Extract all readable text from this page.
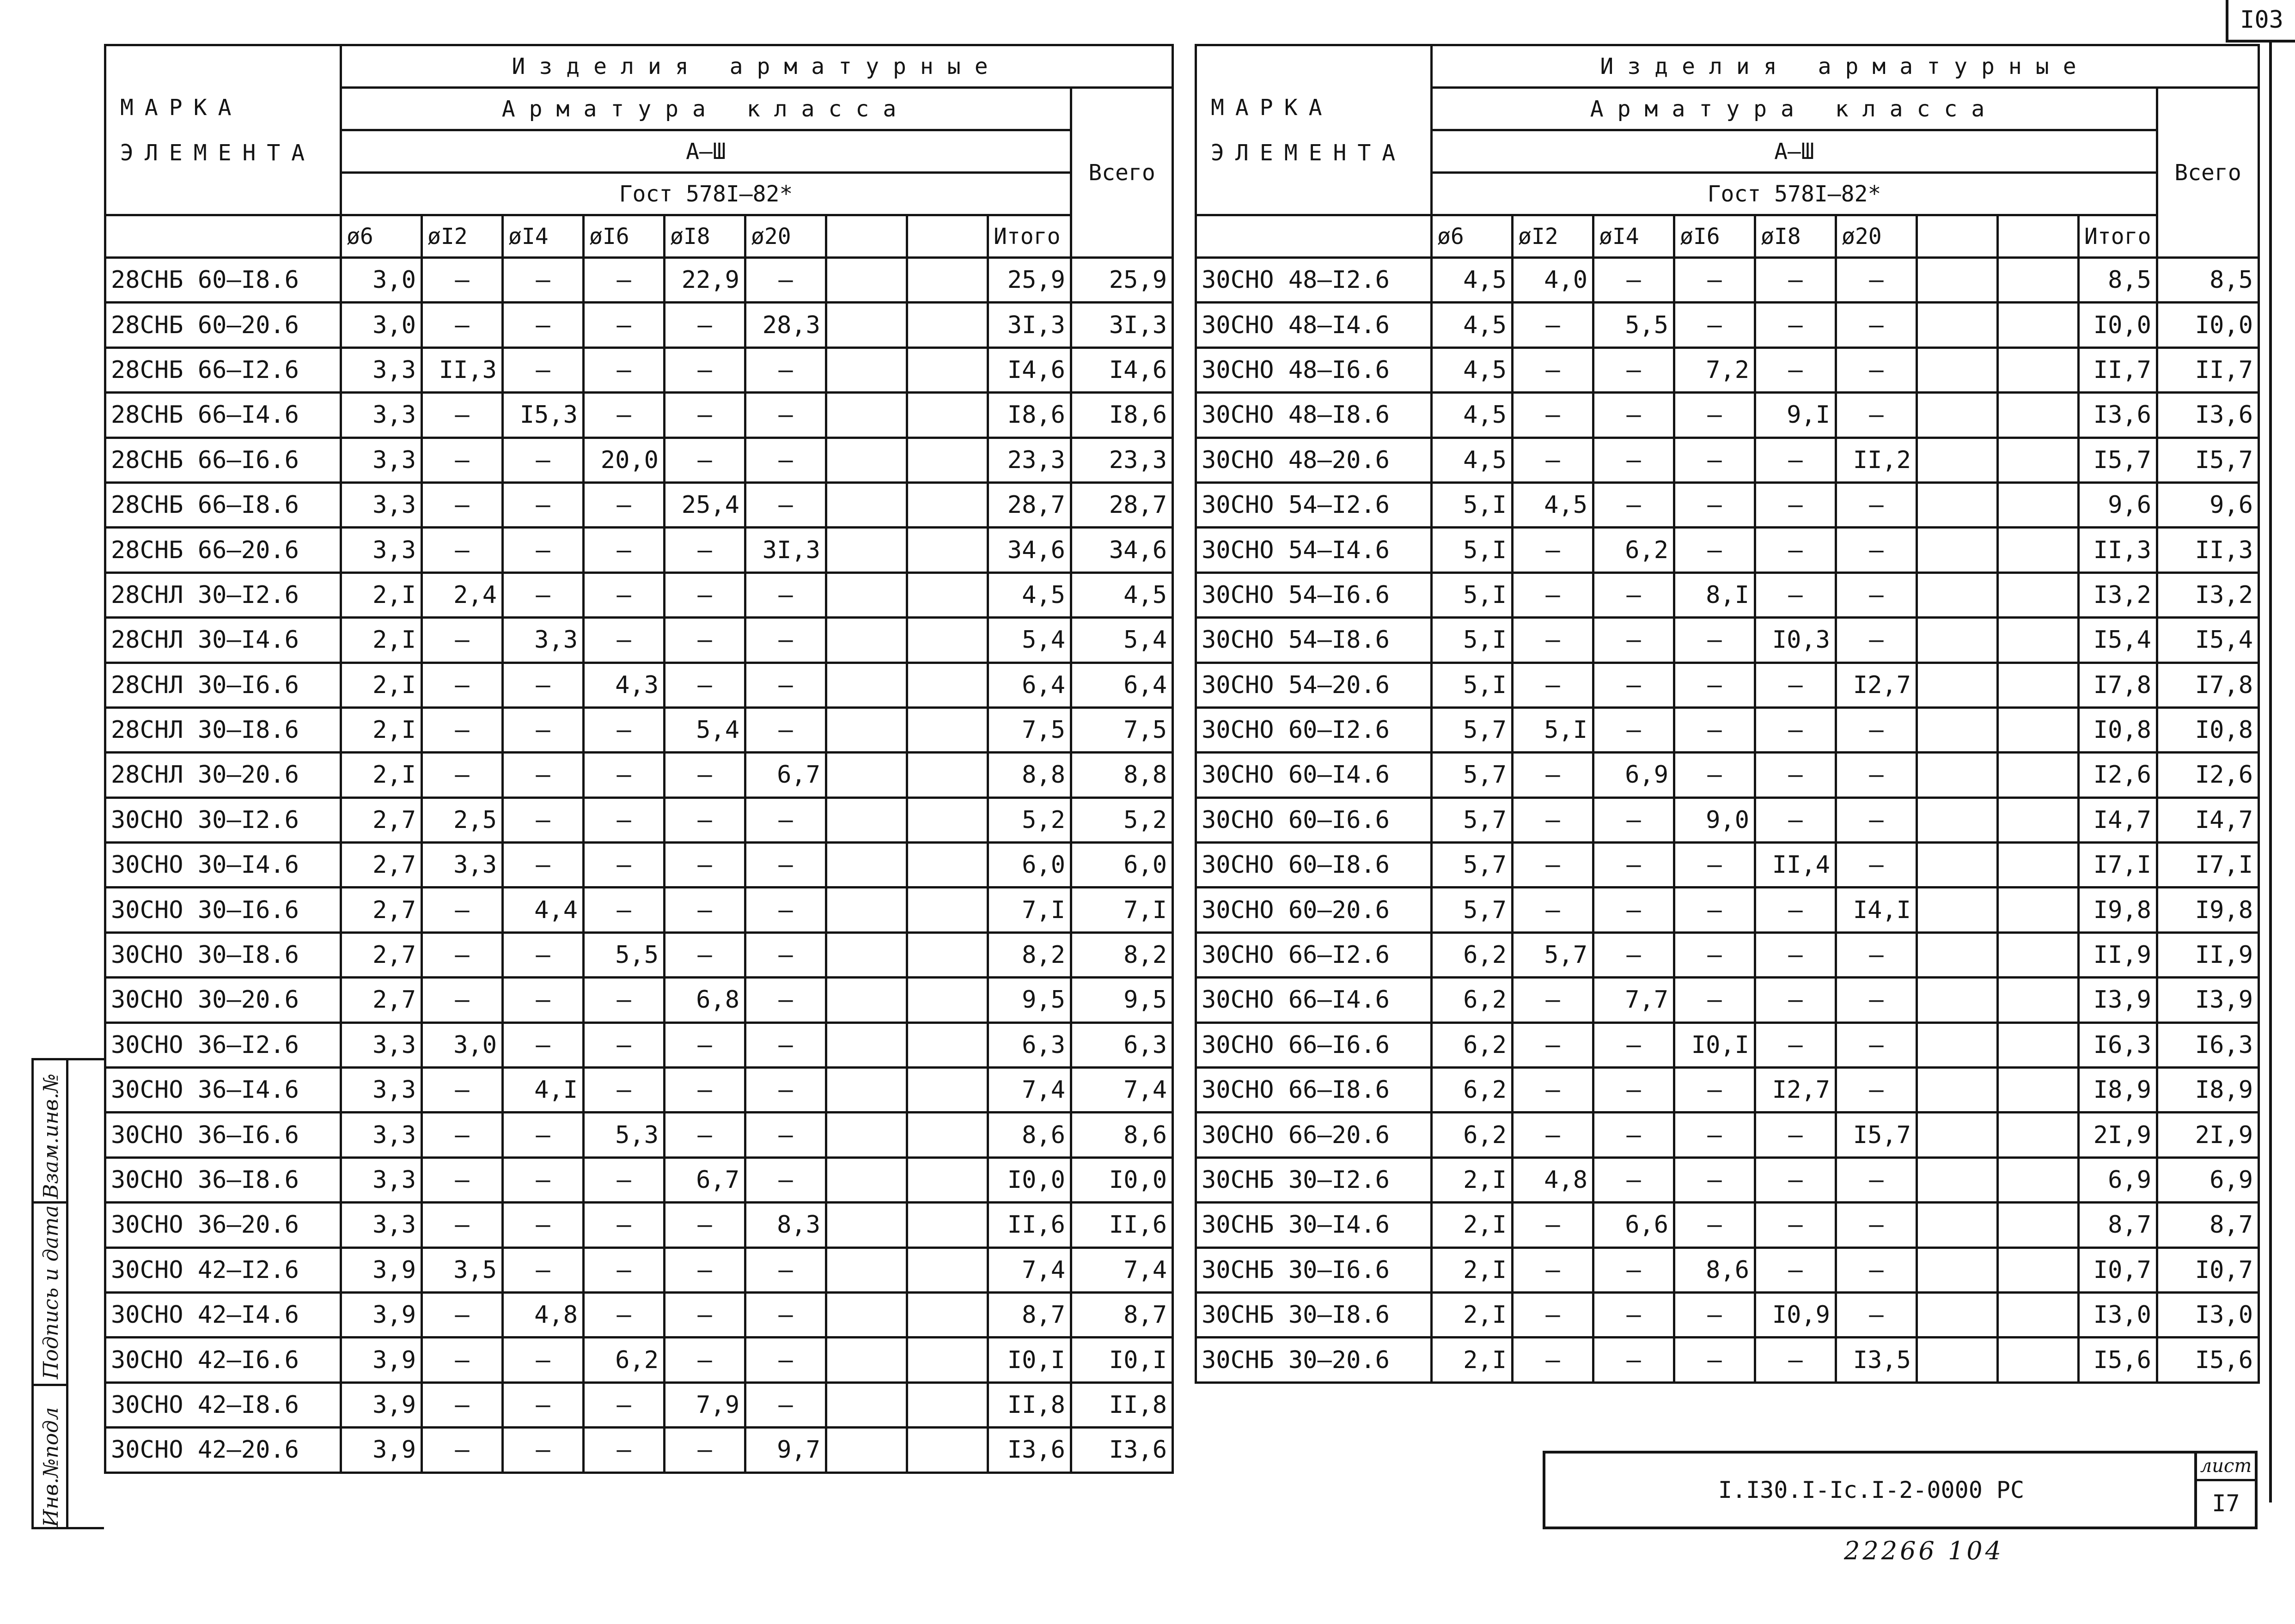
I03
МАРКА
ЭЛЕМЕНТА	Изделия арматурные									
	Арматура класса									Всего
	A–Ш									
	Гост 578I–82*									
	ø6	øI2	øI4	øI6	øI8	ø20			Итого	
28СНБ 60–I8.6	3,0	–	–	–	22,9	–			25,9	25,9
28СНБ 60–20.6	3,0	–	–	–	–	28,3			3I,3	3I,3
28СНБ 66–I2.6	3,3	II,3	–	–	–	–			I4,6	I4,6
28СНБ 66–I4.6	3,3	–	I5,3	–	–	–			I8,6	I8,6
28СНБ 66–I6.6	3,3	–	–	20,0	–	–			23,3	23,3
28СНБ 66–I8.6	3,3	–	–	–	25,4	–			28,7	28,7
28СНБ 66–20.6	3,3	–	–	–	–	3I,3			34,6	34,6
28СНЛ 30–I2.6	2,I	2,4	–	–	–	–			4,5	4,5
28СНЛ 30–I4.6	2,I	–	3,3	–	–	–			5,4	5,4
28СНЛ 30–I6.6	2,I	–	–	4,3	–	–			6,4	6,4
28СНЛ 30–I8.6	2,I	–	–	–	5,4	–			7,5	7,5
28СНЛ 30–20.6	2,I	–	–	–	–	6,7			8,8	8,8
30СНО 30–I2.6	2,7	2,5	–	–	–	–			5,2	5,2
30СНО 30–I4.6	2,7	3,3	–	–	–	–			6,0	6,0
30СНО 30–I6.6	2,7	–	4,4	–	–	–			7,I	7,I
30СНО 30–I8.6	2,7	–	–	5,5	–	–			8,2	8,2
30СНО 30–20.6	2,7	–	–	–	6,8	–			9,5	9,5
30СНО 36–I2.6	3,3	3,0	–	–	–	–			6,3	6,3
30СНО 36–I4.6	3,3	–	4,I	–	–	–			7,4	7,4
30СНО 36–I6.6	3,3	–	–	5,3	–	–			8,6	8,6
30СНО 36–I8.6	3,3	–	–	–	6,7	–			I0,0	I0,0
30СНО 36–20.6	3,3	–	–	–	–	8,3			II,6	II,6
30СНО 42–I2.6	3,9	3,5	–	–	–	–			7,4	7,4
30СНО 42–I4.6	3,9	–	4,8	–	–	–			8,7	8,7
30СНО 42–I6.6	3,9	–	–	6,2	–	–			I0,I	I0,I
30СНО 42–I8.6	3,9	–	–	–	7,9	–			II,8	II,8
30СНО 42–20.6	3,9	–	–	–	–	9,7			I3,6	I3,6
МАРКА
ЭЛЕМЕНТА	Изделия арматурные									
	Арматура класса									Всего
	A–Ш									
	Гост 578I–82*									
	ø6	øI2	øI4	øI6	øI8	ø20			Итого	
30СНО 48–I2.6	4,5	4,0	–	–	–	–			8,5	8,5
30СНО 48–I4.6	4,5	–	5,5	–	–	–			I0,0	I0,0
30СНО 48–I6.6	4,5	–	–	7,2	–	–			II,7	II,7
30СНО 48–I8.6	4,5	–	–	–	9,I	–			I3,6	I3,6
30СНО 48–20.6	4,5	–	–	–	–	II,2			I5,7	I5,7
30СНО 54–I2.6	5,I	4,5	–	–	–	–			9,6	9,6
30СНО 54–I4.6	5,I	–	6,2	–	–	–			II,3	II,3
30СНО 54–I6.6	5,I	–	–	8,I	–	–			I3,2	I3,2
30СНО 54–I8.6	5,I	–	–	–	I0,3	–			I5,4	I5,4
30СНО 54–20.6	5,I	–	–	–	–	I2,7			I7,8	I7,8
30СНО 60–I2.6	5,7	5,I	–	–	–	–			I0,8	I0,8
30СНО 60–I4.6	5,7	–	6,9	–	–	–			I2,6	I2,6
30СНО 60–I6.6	5,7	–	–	9,0	–	–			I4,7	I4,7
30СНО 60–I8.6	5,7	–	–	–	II,4	–			I7,I	I7,I
30СНО 60–20.6	5,7	–	–	–	–	I4,I			I9,8	I9,8
30СНО 66–I2.6	6,2	5,7	–	–	–	–			II,9	II,9
30СНО 66–I4.6	6,2	–	7,7	–	–	–			I3,9	I3,9
30СНО 66–I6.6	6,2	–	–	I0,I	–	–			I6,3	I6,3
30СНО 66–I8.6	6,2	–	–	–	I2,7	–			I8,9	I8,9
30СНО 66–20.6	6,2	–	–	–	–	I5,7			2I,9	2I,9
30СНБ 30–I2.6	2,I	4,8	–	–	–	–			6,9	6,9
30СНБ 30–I4.6	2,I	–	6,6	–	–	–			8,7	8,7
30СНБ 30–I6.6	2,I	–	–	8,6	–	–			I0,7	I0,7
30СНБ 30–I8.6	2,I	–	–	–	I0,9	–			I3,0	I3,0
30СНБ 30–20.6	2,I	–	–	–	–	I3,5			I5,6	I5,6
Инв.№подл
Подпись и дата
Взам.инв.№
I.I30.I-Ic.I-2-0000 PC
лист
I7
22266 104
